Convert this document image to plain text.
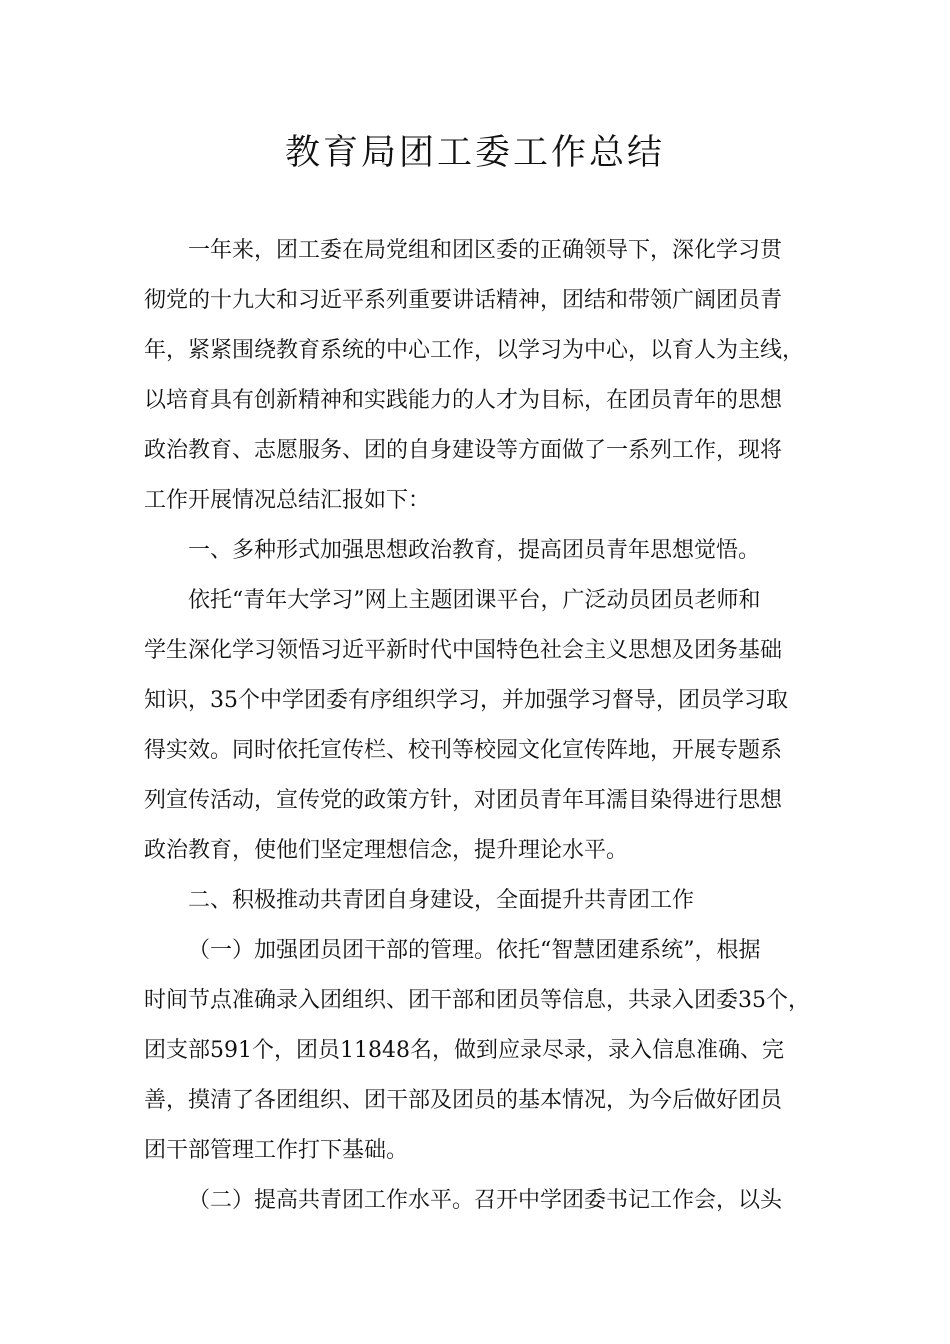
教育局团工委工作总结
一年来，团工委在局党组和团区委的正确领导下，深化学习贯
彻党的十九大和习近平系列重要讲话精神，团结和带领广阔团员青
年，紧紧围绕教育系统的中心工作，以学习为中心，以育人为主线，
以培育具有创新精神和实践能力的人才为目标，在团员青年的思想
政治教育、志愿服务、团的自身建设等方面做了一系列工作，现将
工作开展情况总结汇报如下：
一、多种形式加强思想政治教育，提高团员青年思想觉悟。
依托“青年大学习”网上主题团课平台，广泛动员团员老师和
学生深化学习领悟习近平新时代中国特色社会主义思想及团务基础
知识，35个中学团委有序组织学习，并加强学习督导，团员学习取
得实效。同时依托宣传栏、校刊等校园文化宣传阵地，开展专题系
列宣传活动，宣传党的政策方针，对团员青年耳濡目染得进行思想
政治教育，使他们坚定理想信念，提升理论水平。
二、积极推动共青团自身建设，全面提升共青团工作
（一）加强团员团干部的管理。依托“智慧团建系统”，根据
时间节点准确录入团组织、团干部和团员等信息，共录入团委35个，
团支部591个，团员11848名，做到应录尽录，录入信息准确、完
善，摸清了各团组织、团干部及团员的基本情况，为今后做好团员
团干部管理工作打下基础。
（二）提高共青团工作水平。召开中学团委书记工作会，以头
